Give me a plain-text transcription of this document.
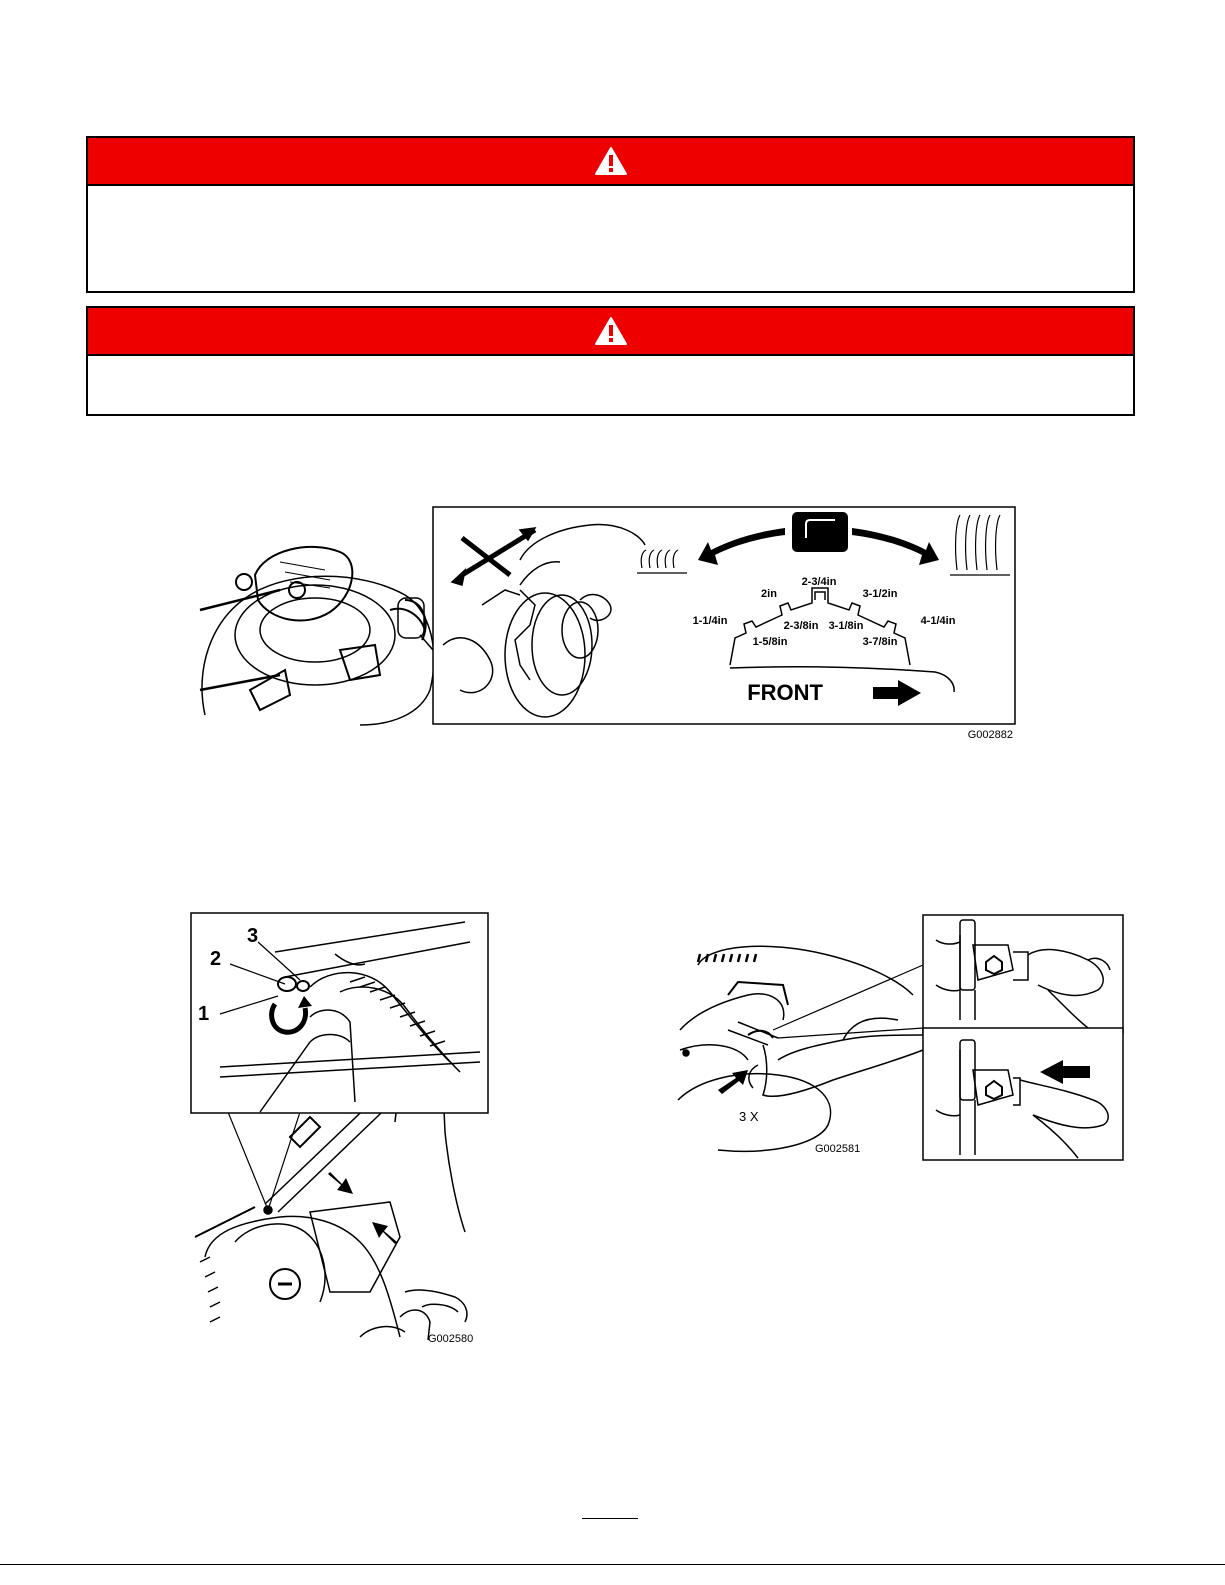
2-3/4in
2in	3-1/2in
1-1/4in	2-3/8in 3-1/8in	4-1/4in
1-5/8in	3-7/8in
FRONT
G002882
1
2
3
G002580
3 X
G002581
